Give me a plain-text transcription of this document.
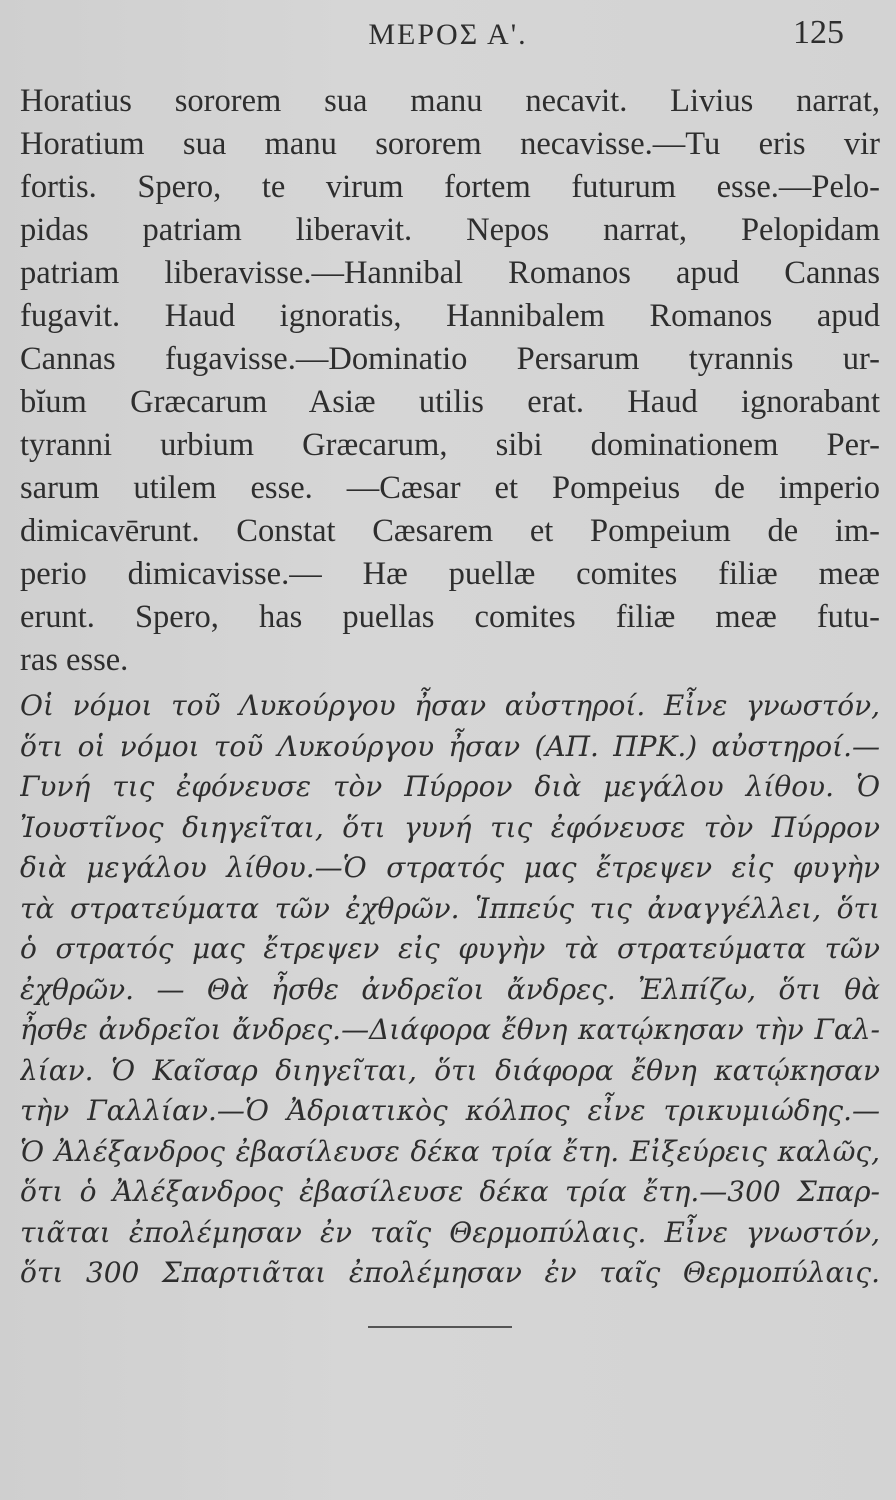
ΜΕΡΟΣ Α'.	125
Horatius sororem sua manu necavit. Livius narrat,
Horatium sua manu sororem necavisse.—Tu eris vir
fortis. Spero, te virum fortem futurum esse.—Pelo-
pidas patriam liberavit. Nepos narrat, Pelopidam
patriam liberavisse.—Hannibal Romanos apud Cannas
fugavit. Haud ignoratis, Hannibalem Romanos apud
Cannas fugavisse.—Dominatio Persarum tyrannis ur-
bĭum Græcarum Asiæ utilis erat. Haud ignorabant
tyranni urbium Græcarum, sibi dominationem Per-
sarum utilem esse. —Cæsar et Pompeius de imperio
dimicavērunt. Constat Cæsarem et Pompeium de im-
perio dimicavisse.— Hæ puellæ comites filiæ meæ
erunt. Spero, has puellas comites filiæ meæ futu-
ras esse.
Οἱ νόμοι τοῦ Λυκούργου ἦσαν αὐστηροί. Εἶνε γνωστόν,
ὅτι οἱ νόμοι τοῦ Λυκούργου ἦσαν (ΑΠ. ΠΡΚ.) αὐστηροί.—
Γυνή τις ἐφόνευσε τὸν Πύρρον διὰ μεγάλου λίθου. Ὁ
Ἰουστῖνος διηγεῖται, ὅτι γυνή τις ἐφόνευσε τὸν Πύρρον
διὰ μεγάλου λίθου.—Ὁ στρατός μας ἔτρεψεν εἰς φυγὴν
τὰ στρατεύματα τῶν ἐχθρῶν. Ἱππεύς τις ἀναγγέλλει, ὅτι
ὁ στρατός μας ἔτρεψεν εἰς φυγὴν τὰ στρατεύματα τῶν
ἐχθρῶν. — Θὰ ἦσθε ἀνδρεῖοι ἄνδρες. Ἐλπίζω, ὅτι θὰ
ἦσθε ἀνδρεῖοι ἄνδρες.—Διάφορα ἔθνη κατῴκησαν τὴν Γαλ-
λίαν. Ὁ Καῖσαρ διηγεῖται, ὅτι διάφορα ἔθνη κατῴκησαν
τὴν Γαλλίαν.—Ὁ Ἀδριατικὸς κόλπος εἶνε τρικυμιώδης.—
Ὁ Ἀλέξανδρος ἐβασίλευσε δέκα τρία ἔτη. Εἰξεύρεις καλῶς,
ὅτι ὁ Ἀλέξανδρος ἐβασίλευσε δέκα τρία ἔτη.—300 Σπαρ-
τιᾶται ἐπολέμησαν ἐν ταῖς Θερμοπύλαις. Εἶνε γνωστόν,
ὅτι 300 Σπαρτιᾶται ἐπολέμησαν ἐν ταῖς Θερμοπύλαις.
